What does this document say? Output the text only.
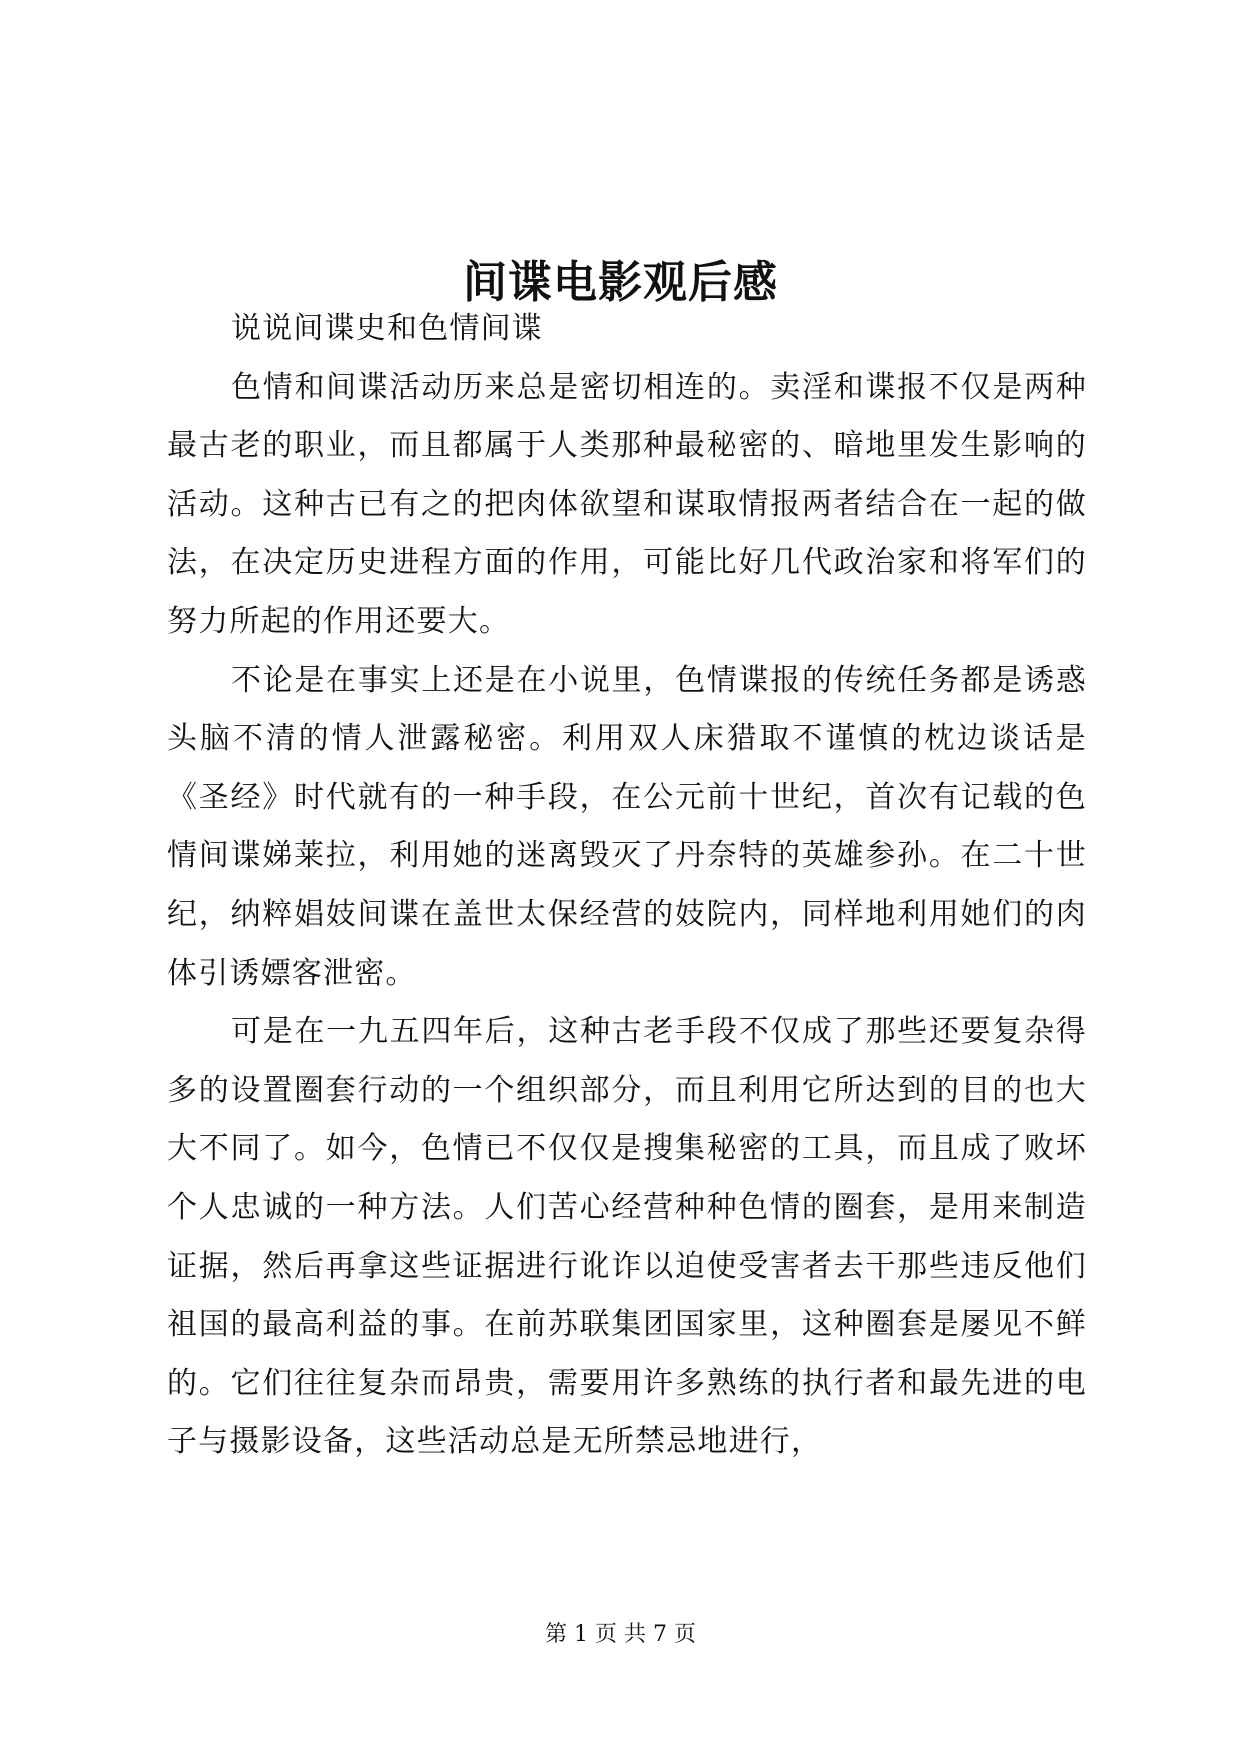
间谍电影观后感

说说间谍史和色情间谍

色情和间谍活动历来总是密切相连的。卖淫和谍报不仅是两种最古老的职业，而且都属于人类那种最秘密的、暗地里发生影响的活动。这种古已有之的把肉体欲望和谋取情报两者结合在一起的做法，在决定历史进程方面的作用，可能比好几代政治家和将军们的努力所起的作用还要大。

不论是在事实上还是在小说里，色情谍报的传统任务都是诱惑头脑不清的情人泄露秘密。利用双人床猎取不谨慎的枕边谈话是《圣经》时代就有的一种手段，在公元前十世纪，首次有记载的色情间谍娣莱拉，利用她的迷离毁灭了丹奈特的英雄参孙。在二十世纪，纳粹娼妓间谍在盖世太保经营的妓院内，同样地利用她们的肉体引诱嫖客泄密。

可是在一九五四年后，这种古老手段不仅成了那些还要复杂得多的设置圈套行动的一个组织部分，而且利用它所达到的目的也大大不同了。如今，色情已不仅仅是搜集秘密的工具，而且成了败坏个人忠诚的一种方法。人们苦心经营种种色情的圈套，是用来制造证据，然后再拿这些证据进行讹诈以迫使受害者去干那些违反他们祖国的最高利益的事。在前苏联集团国家里，这种圈套是屡见不鲜的。它们往往复杂而昂贵，需要用许多熟练的执行者和最先进的电子与摄影设备，这些活动总是无所禁忌地进行，

第 1 页 共 7 页
